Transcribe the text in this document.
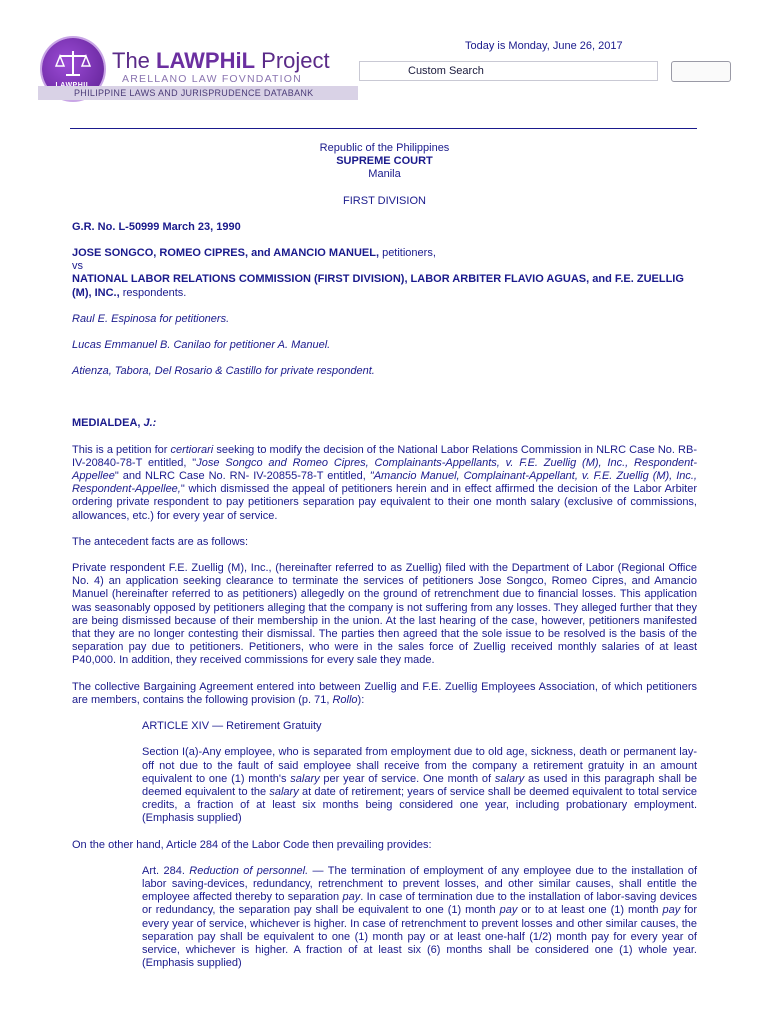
The LAWPHiL Project
ARELLANO LAW FOVNDATION
PHILIPPINE LAWS AND JURISPRUDENCE DATABANK
Today is Monday, June 26, 2017
Custom Search

Republic of the Philippines

SUPREME COURT

Manila

FIRST DIVISION

G.R. No. L-50999 March 23, 1990

JOSE SONGCO, ROMEO CIPRES, and AMANCIO MANUEL, petitioners,

vs

NATIONAL LABOR RELATIONS COMMISSION (FIRST DIVISION), LABOR ARBITER FLAVIO AGUAS, and F.E. ZUELLIG (M), INC., respondents.

Raul E. Espinosa for petitioners.

Lucas Emmanuel B. Canilao for petitioner A. Manuel.

Atienza, Tabora, Del Rosario & Castillo for private respondent.

MEDIALDEA, J.:

This is a petition for certiorari seeking to modify the decision of the National Labor Relations Commission in NLRC Case No. RB-IV-20840-78-T entitled, "Jose Songco and Romeo Cipres, Complainants-Appellants, v. F.E. Zuellig (M), Inc., Respondent-Appellee" and NLRC Case No. RN- IV-20855-78-T entitled, "Amancio Manuel, Complainant-Appellant, v. F.E. Zuellig (M), Inc., Respondent-Appellee," which dismissed the appeal of petitioners herein and in effect affirmed the decision of the Labor Arbiter ordering private respondent to pay petitioners separation pay equivalent to their one month salary (exclusive of commissions, allowances, etc.) for every year of service.

The antecedent facts are as follows:

Private respondent F.E. Zuellig (M), Inc., (hereinafter referred to as Zuellig) filed with the Department of Labor (Regional Office No. 4) an application seeking clearance to terminate the services of petitioners Jose Songco, Romeo Cipres, and Amancio Manuel (hereinafter referred to as petitioners) allegedly on the ground of retrenchment due to financial losses. This application was seasonably opposed by petitioners alleging that the company is not suffering from any losses. They alleged further that they are being dismissed because of their membership in the union. At the last hearing of the case, however, petitioners manifested that they are no longer contesting their dismissal. The parties then agreed that the sole issue to be resolved is the basis of the separation pay due to petitioners. Petitioners, who were in the sales force of Zuellig received monthly salaries of at least P40,000. In addition, they received commissions for every sale they made.

The collective Bargaining Agreement entered into between Zuellig and F.E. Zuellig Employees Association, of which petitioners are members, contains the following provision (p. 71, Rollo):

ARTICLE XIV — Retirement Gratuity

Section I(a)-Any employee, who is separated from employment due to old age, sickness, death or permanent lay-off not due to the fault of said employee shall receive from the company a retirement gratuity in an amount equivalent to one (1) month's salary per year of service. One month of salary as used in this paragraph shall be deemed equivalent to the salary at date of retirement; years of service shall be deemed equivalent to total service credits, a fraction of at least six months being considered one year, including probationary employment. (Emphasis supplied)

On the other hand, Article 284 of the Labor Code then prevailing provides:

Art. 284. Reduction of personnel. — The termination of employment of any employee due to the installation of labor saving-devices, redundancy, retrenchment to prevent losses, and other similar causes, shall entitle the employee affected thereby to separation pay. In case of termination due to the installation of labor-saving devices or redundancy, the separation pay shall be equivalent to one (1) month pay or to at least one (1) month pay for every year of service, whichever is higher. In case of retrenchment to prevent losses and other similar causes, the separation pay shall be equivalent to one (1) month pay or at least one-half (1/2) month pay for every year of service, whichever is higher. A fraction of at least six (6) months shall be considered one (1) whole year. (Emphasis supplied)
